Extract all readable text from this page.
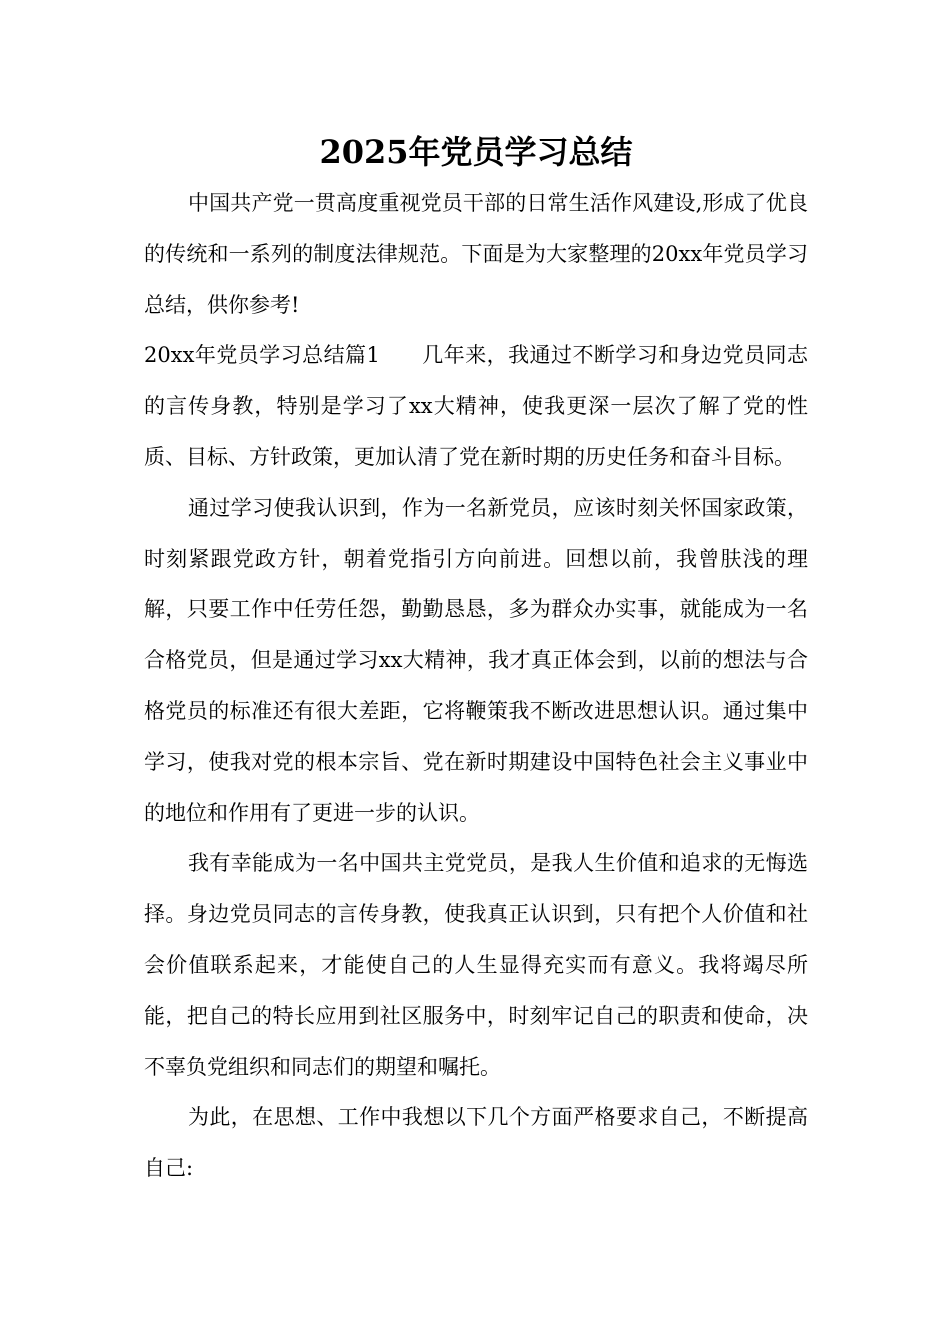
2025年党员学习总结

中国共产党一贯高度重视党员干部的日常生活作风建设,形成了优良的传统和一系列的制度法律规范。下面是为大家整理的20xx年党员学习总结，供你参考!

20xx年党员学习总结篇1 几年来，我通过不断学习和身边党员同志的言传身教，特别是学习了xx大精神，使我更深一层次了解了党的性质、目标、方针政策，更加认清了党在新时期的历史任务和奋斗目标。

通过学习使我认识到，作为一名新党员，应该时刻关怀国家政策，时刻紧跟党政方针，朝着党指引方向前进。回想以前，我曾肤浅的理解，只要工作中任劳任怨，勤勤恳恳，多为群众办实事，就能成为一名合格党员，但是通过学习xx大精神，我才真正体会到，以前的想法与合格党员的标准还有很大差距，它将鞭策我不断改进思想认识。通过集中学习，使我对党的根本宗旨、党在新时期建设中国特色社会主义事业中的地位和作用有了更进一步的认识。

我有幸能成为一名中国共主党党员，是我人生价值和追求的无悔选择。身边党员同志的言传身教，使我真正认识到，只有把个人价值和社会价值联系起来，才能使自己的人生显得充实而有意义。我将竭尽所能，把自己的特长应用到社区服务中，时刻牢记自己的职责和使命，决不辜负党组织和同志们的期望和嘱托。

为此，在思想、工作中我想以下几个方面严格要求自己，不断提高自己:
